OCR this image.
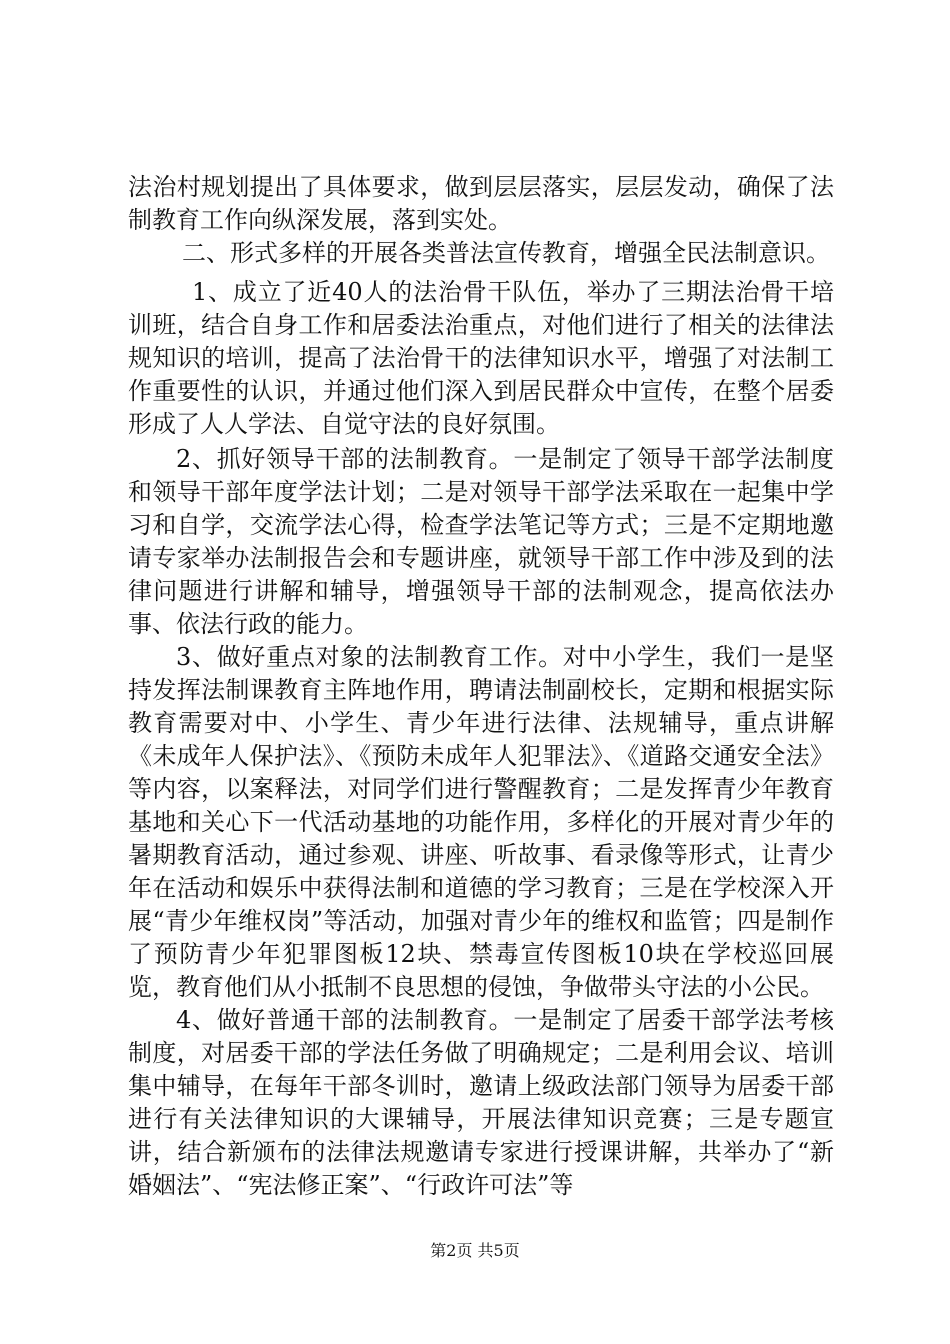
法治村规划提出了具体要求，做到层层落实，层层发动，确保了法制教育工作向纵深发展，落到实处。

二、形式多样的开展各类普法宣传教育，增强全民法制意识。

1、成立了近40人的法治骨干队伍，举办了三期法治骨干培训班，结合自身工作和居委法治重点，对他们进行了相关的法律法规知识的培训，提高了法治骨干的法律知识水平，增强了对法制工作重要性的认识，并通过他们深入到居民群众中宣传，在整个居委形成了人人学法、自觉守法的良好氛围。

2、抓好领导干部的法制教育。一是制定了领导干部学法制度和领导干部年度学法计划；二是对领导干部学法采取在一起集中学习和自学，交流学法心得，检查学法笔记等方式；三是不定期地邀请专家举办法制报告会和专题讲座，就领导干部工作中涉及到的法律问题进行讲解和辅导，增强领导干部的法制观念，提高依法办事、依法行政的能力。

3、做好重点对象的法制教育工作。对中小学生，我们一是坚持发挥法制课教育主阵地作用，聘请法制副校长，定期和根据实际教育需要对中、小学生、青少年进行法律、法规辅导，重点讲解《未成年人保护法》、《预防未成年人犯罪法》、《道路交通安全法》等内容，以案释法，对同学们进行警醒教育；二是发挥青少年教育基地和关心下一代活动基地的功能作用，多样化的开展对青少年的暑期教育活动，通过参观、讲座、听故事、看录像等形式，让青少年在活动和娱乐中获得法制和道德的学习教育；三是在学校深入开展“青少年维权岗”等活动，加强对青少年的维权和监管；四是制作了预防青少年犯罪图板12块、禁毒宣传图板10块在学校巡回展览，教育他们从小抵制不良思想的侵蚀，争做带头守法的小公民。

4、做好普通干部的法制教育。一是制定了居委干部学法考核制度，对居委干部的学法任务做了明确规定；二是利用会议、培训集中辅导，在每年干部冬训时，邀请上级政法部门领导为居委干部进行有关法律知识的大课辅导，开展法律知识竞赛；三是专题宣讲，结合新颁布的法律法规邀请专家进行授课讲解，共举办了“新婚姻法”、“宪法修正案”、“行政许可法”等

第2页 共5页
